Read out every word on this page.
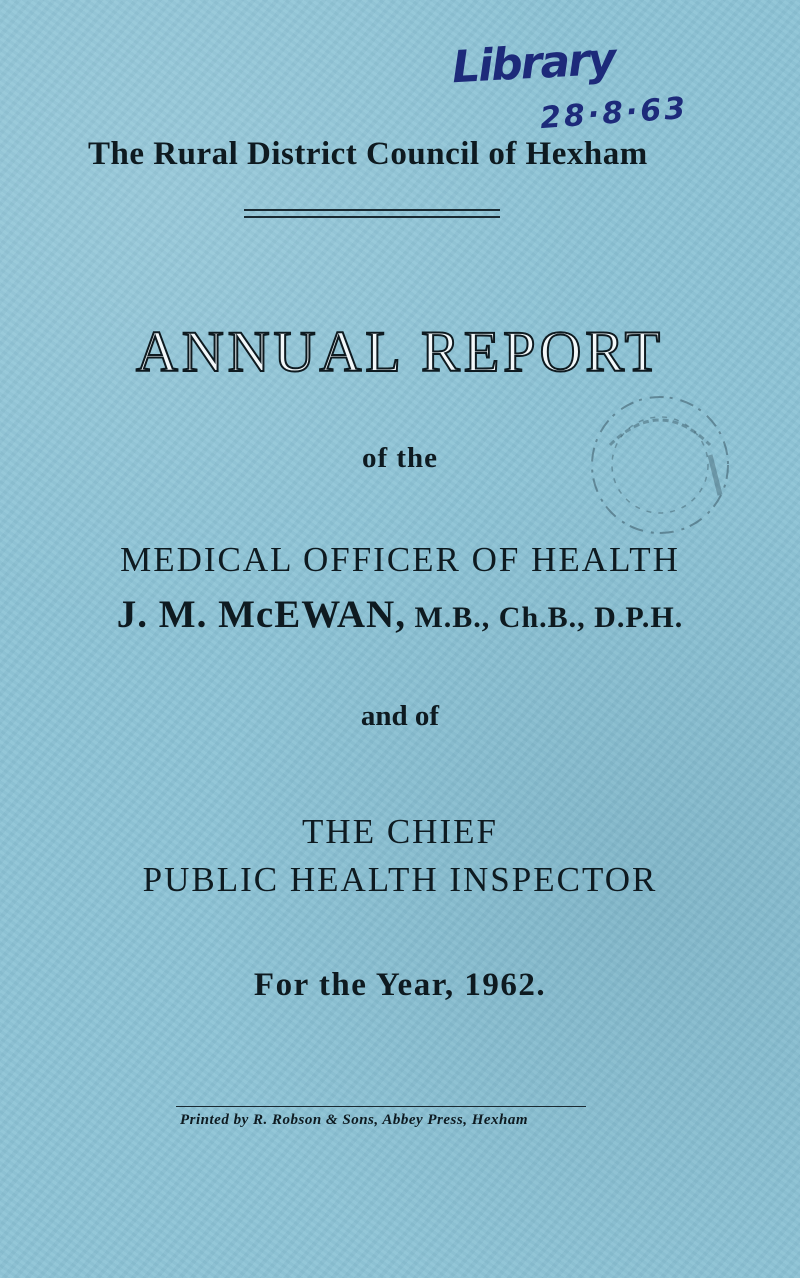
Library
28·8·63

The Rural District Council of Hexham

ANNUAL REPORT

of the

MEDICAL OFFICER OF HEALTH

J. M. McEWAN, M.B., Ch.B., D.P.H.

and of

THE CHIEF

PUBLIC HEALTH INSPECTOR

For the Year, 1962.

Printed by R. Robson & Sons, Abbey Press, Hexham
